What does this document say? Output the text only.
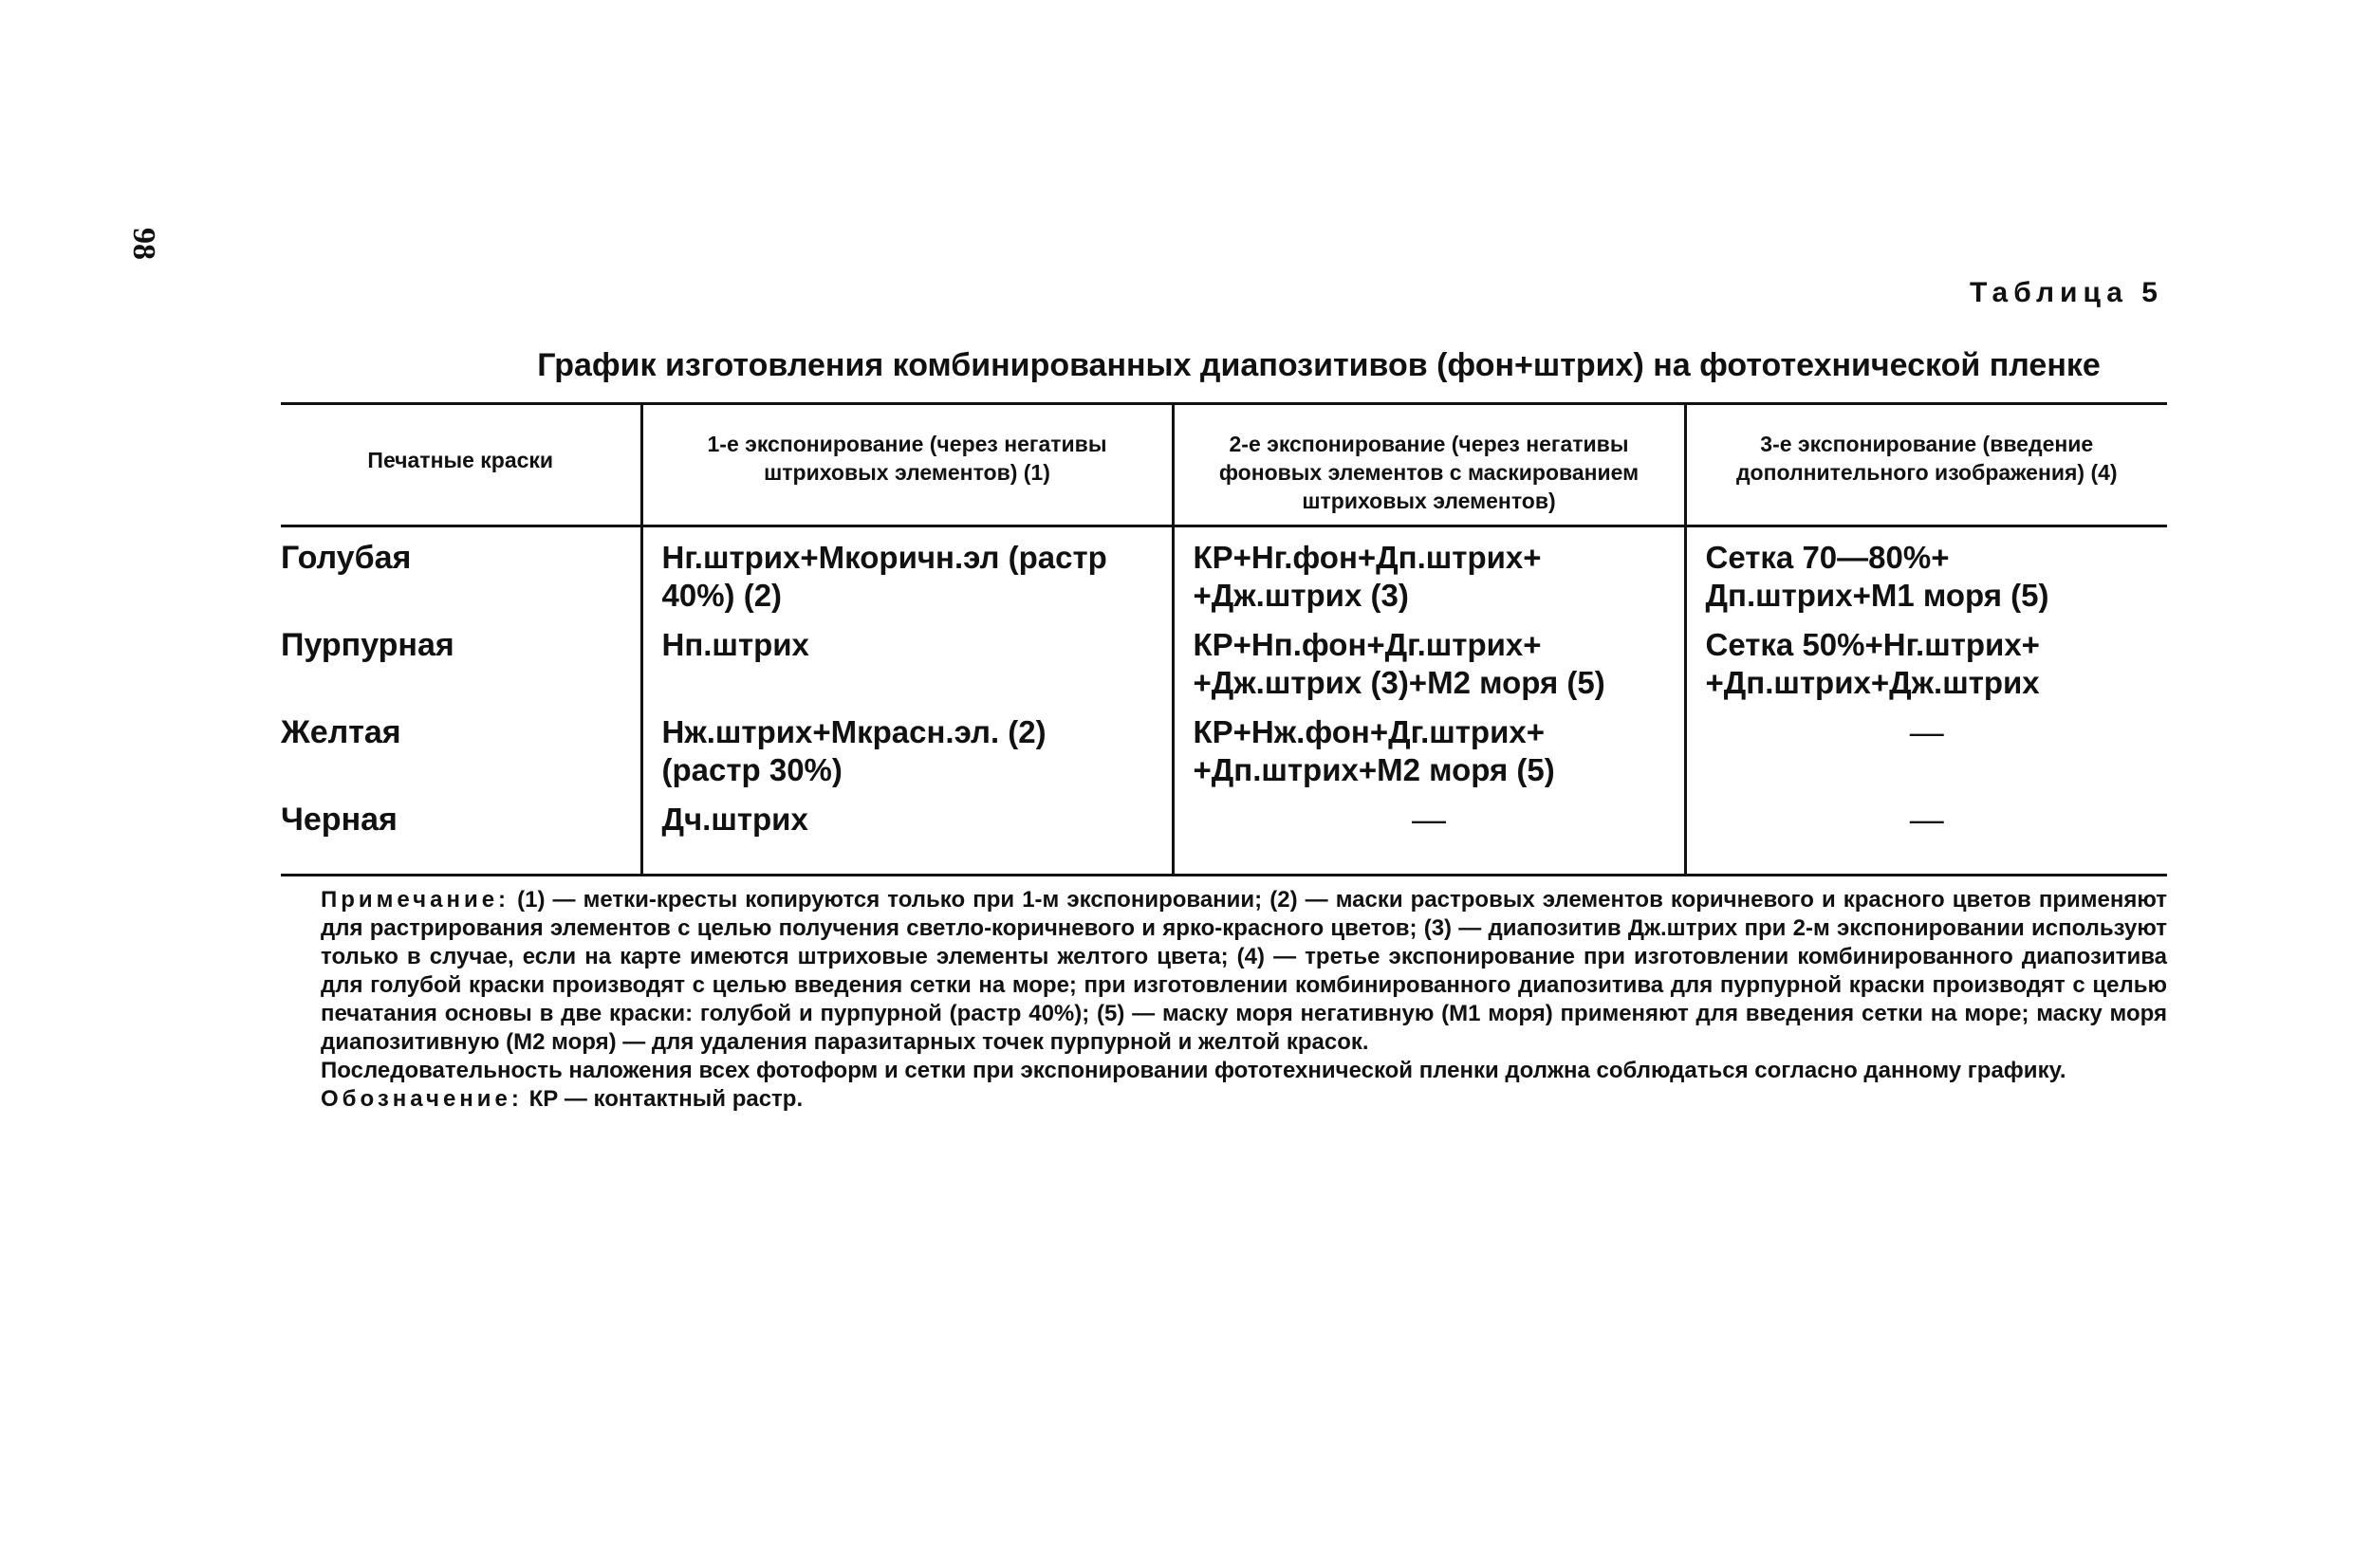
98
Таблица 5
График изготовления комбинированных диапозитивов (фон+штрих) на фототехнической пленке
Печатные краски	1-е экспонирование (через негативы штриховых элементов) (1)	2-е экспонирование (через негативы фоновых элементов с маскированием штриховых элементов)	3-е экспонирование (введение дополнительного изображения) (4)
Голубая	Нг.штрих+Мкоричн.эл (растр 40%) (2)	КР+Нг.фон+Дп.штрих+ +Дж.штрих (3)	Сетка 70—80%+ Дп.штрих+М1 моря (5)
Пурпурная	Нп.штрих	КР+Нп.фон+Дг.штрих+ +Дж.штрих (3)+М2 моря (5)	Сетка 50%+Нг.штрих+ +Дп.штрих+Дж.штрих
Желтая	Нж.штрих+Мкрасн.эл. (2) (растр 30%)	КР+Нж.фон+Дг.штрих+ +Дп.штрих+М2 моря (5)	—
Черная	Дч.штрих	—	—

Примечание: (1) — метки-кресты копируются только при 1-м экспонировании; (2) — маски растровых элементов коричневого и красного цветов применяют для растрирования элементов с целью получения светло-коричневого и ярко-красного цветов; (3) — диапозитив Дж.штрих при 2-м экспонировании используют только в случае, если на карте имеются штриховые элементы желтого цвета; (4) — третье экспонирование при изготовлении комбинированного диапозитива для голубой краски производят с целью введения сетки на море; при изготовлении комбинированного диапозитива для пурпурной краски производят с целью печатания основы в две краски: голубой и пурпурной (растр 40%); (5) — маску моря негативную (М1 моря) применяют для введения сетки на море; маску моря диапозитивную (М2 моря) — для удаления паразитарных точек пурпурной и желтой красок.

Последовательность наложения всех фотоформ и сетки при экспонировании фототехнической пленки должна соблюдаться согласно данному графику.

Обозначение: КР — контактный растр.
